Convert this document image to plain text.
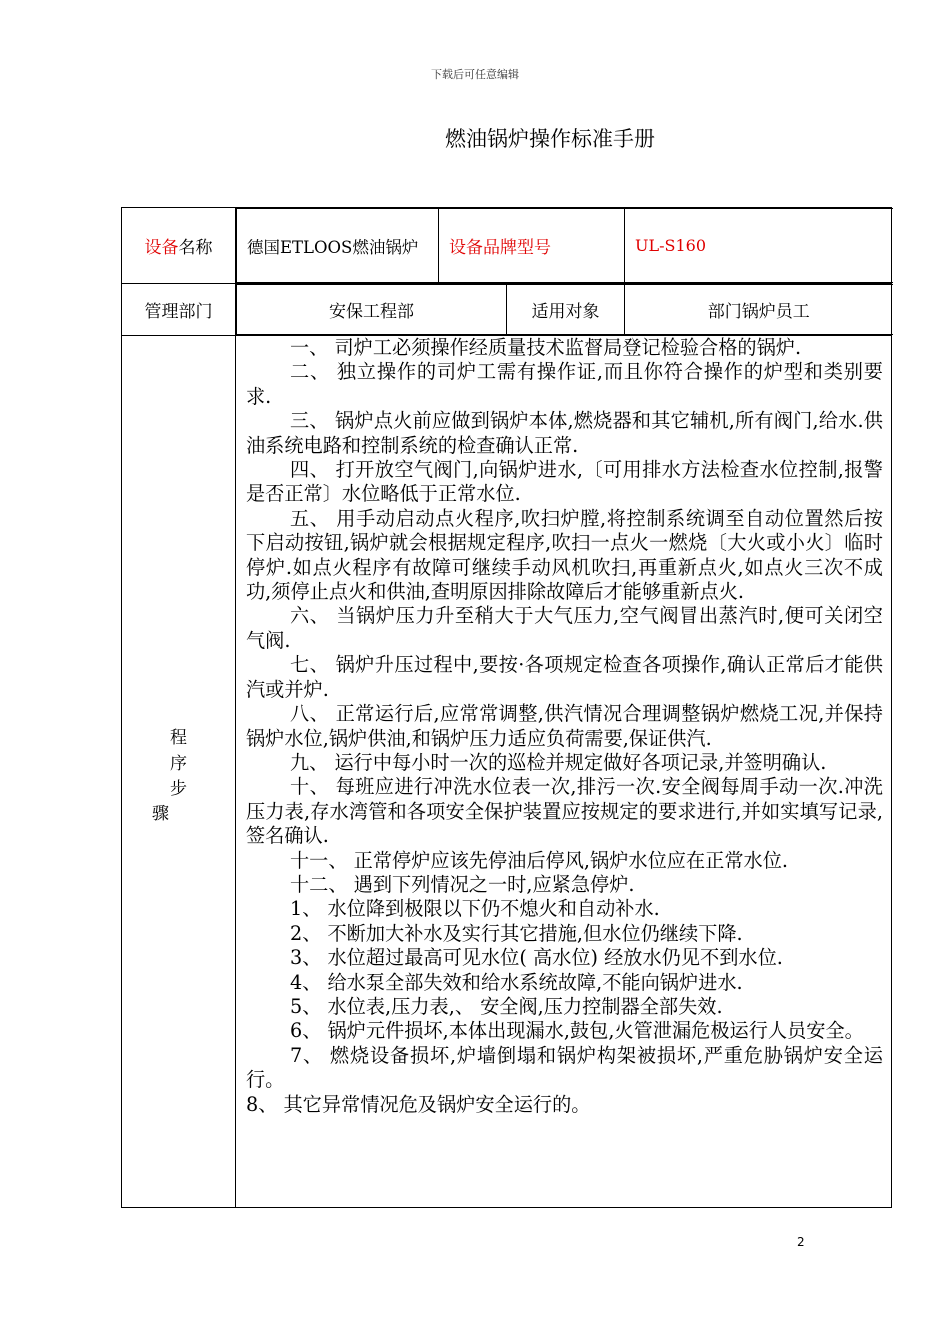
下载后可任意编辑
燃油锅炉操作标准手册
设备名称	德国ETLOOS燃油锅炉	设备品牌型号	UL-S160

管理部门		安保工程部	适用对象	部门锅炉员工

程
序
步
骤

一、 司炉工必须操作经质量技术监督局登记检验合格的锅炉.

二、 独立操作的司炉工需有操作证,而且你符合操作的炉型和类别要求.

三、 锅炉点火前应做到锅炉本体,燃烧器和其它辅机,所有阀门,给水.供油系统电路和控制系统的检查确认正常.

四、 打开放空气阀门,向锅炉进水,〔可用排水方法检查水位控制,报警是否正常〕水位略低于正常水位.

五、 用手动启动点火程序,吹扫炉膛,将控制系统调至自动位置然后按下启动按钮,锅炉就会根据规定程序,吹扫一点火一燃烧〔大火或小火〕临时停炉.如点火程序有故障可继续手动风机吹扫,再重新点火,如点火三次不成功,须停止点火和供油,查明原因排除故障后才能够重新点火.

六、 当锅炉压力升至稍大于大气压力,空气阀冒出蒸汽时,便可关闭空气阀.

七、 锅炉升压过程中,要按·各项规定检查各项操作,确认正常后才能供汽或并炉.

八、 正常运行后,应常常调整,供汽情况合理调整锅炉燃烧工况,并保持锅炉水位,锅炉供油,和锅炉压力适应负荷需要,保证供汽.

九、 运行中每小时一次的巡检并规定做好各项记录,并签明确认.

十、 每班应进行冲洗水位表一次,排污一次.安全阀每周手动一次.冲洗压力表,存水湾管和各项安全保护装置应按规定的要求进行,并如实填写记录,签名确认.

十一、 正常停炉应该先停油后停风,锅炉水位应在正常水位.

十二、 遇到下列情况之一时,应紧急停炉.

1、 水位降到极限以下仍不熄火和自动补水.

2、 不断加大补水及实行其它措施,但水位仍继续下降.

3、 水位超过最高可见水位( 高水位) 经放水仍见不到水位.

4、 给水泵全部失效和给水系统故障,不能向锅炉进水.

5、 水位表,压力表,、 安全阀,压力控制器全部失效.

6、 锅炉元件损坏,本体出现漏水,鼓包,火管泄漏危极运行人员安全。

7、 燃烧设备损坏,炉墙倒塌和锅炉构架被损坏,严重危胁锅炉安全运行。

8、 其它异常情况危及锅炉安全运行的。

2
